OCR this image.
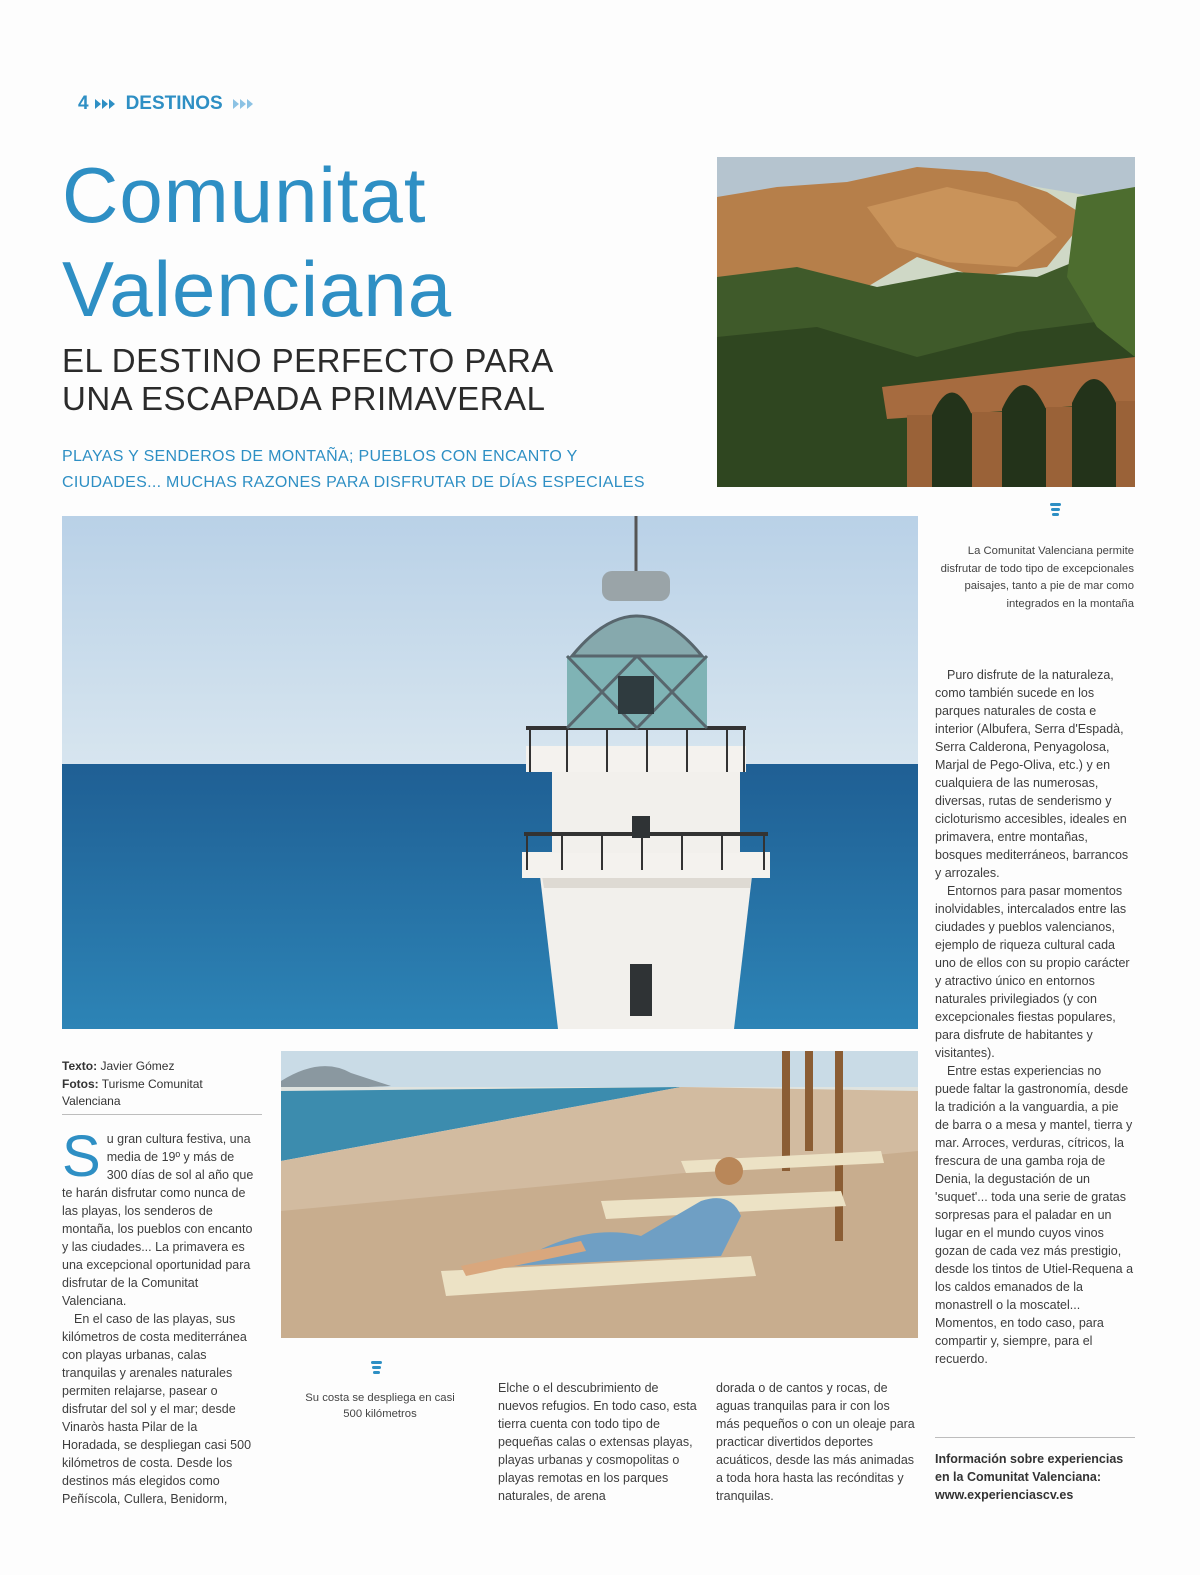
4 DESTINOS
Comunitat
Valenciana
EL DESTINO PERFECTO PARA
UNA ESCAPADA PRIMAVERAL

PLAYAS Y SENDEROS DE MONTAÑA; PUEBLOS CON ENCANTO Y
CIUDADES... MUCHAS RAZONES PARA DISFRUTAR DE DÍAS ESPECIALES

La Comunitat Valenciana permite disfrutar de todo tipo de excepcionales paisajes, tanto a pie de mar como integrados en la montaña

Texto: Javier Gómez
Fotos: Turisme Comunitat Valenciana

Su costa se despliega en casi 500 kilómetros

Su gran cultura festiva, una media de 19º y más de 300 días de sol al año que te harán disfrutar como nunca de las playas, los senderos de montaña, los pueblos con encanto y las ciudades... La primavera es una excepcional oportunidad para disfrutar de la Comunitat Valenciana.

En el caso de las playas, sus kilómetros de costa mediterránea con playas urbanas, calas tranquilas y arenales naturales permiten relajarse, pasear o disfrutar del sol y el mar; desde Vinaròs hasta Pilar de la Horadada, se despliegan casi 500 kilómetros de costa. Desde los destinos más elegidos como Peñíscola, Cullera, Benidorm,

Elche o el descubrimiento de nuevos refugios. En todo caso, esta tierra cuenta con todo tipo de pequeñas calas o extensas playas, playas urbanas y cosmopolitas o playas remotas en los parques naturales, de arena

dorada o de cantos y rocas, de aguas tranquilas para ir con los más pequeños o con un oleaje para practicar divertidos deportes acuáticos, desde las más animadas a toda hora hasta las recónditas y tranquilas.

Puro disfrute de la naturaleza, como también sucede en los parques naturales de costa e interior (Albufera, Serra d'Espadà, Serra Calderona, Penyagolosa, Marjal de Pego-Oliva, etc.) y en cualquiera de las numerosas, diversas, rutas de senderismo y cicloturismo accesibles, ideales en primavera, entre montañas, bosques mediterráneos, barrancos y arrozales.

Entornos para pasar momentos inolvidables, intercalados entre las ciudades y pueblos valencianos, ejemplo de riqueza cultural cada uno de ellos con su propio carácter y atractivo único en entornos naturales privilegiados (y con excepcionales fiestas populares, para disfrute de habitantes y visitantes).

Entre estas experiencias no puede faltar la gastronomía, desde la tradición a la vanguardia, a pie de barra o a mesa y mantel, tierra y mar. Arroces, verduras, cítricos, la frescura de una gamba roja de Denia, la degustación de un 'suquet'... toda una serie de gratas sorpresas para el paladar en un lugar en el mundo cuyos vinos gozan de cada vez más prestigio, desde los tintos de Utiel-Requena a los caldos emanados de la monastrell o la moscatel... Momentos, en todo caso, para compartir y, siempre, para el recuerdo.

Información sobre experiencias
en la Comunitat Valenciana:
www.experienciascv.es
